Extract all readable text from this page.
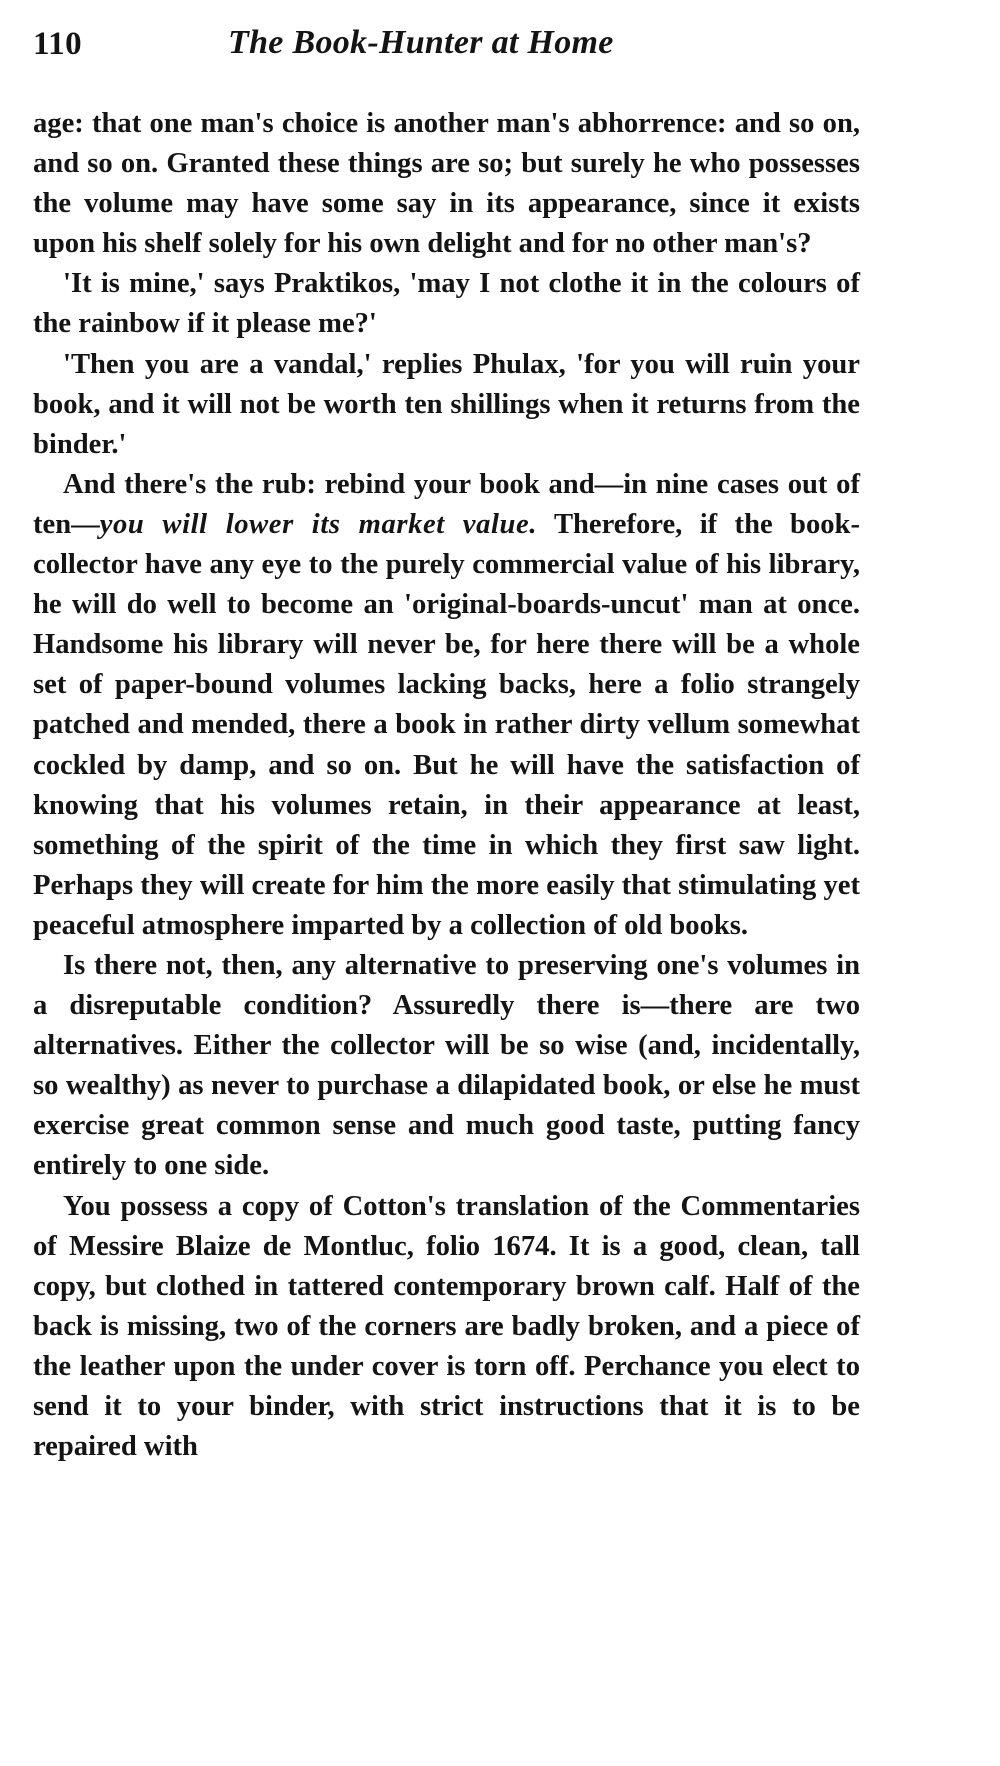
110	The Book-Hunter at Home

age: that one man's choice is another man's abhorrence: and so on, and so on. Granted these things are so; but surely he who possesses the volume may have some say in its appearance, since it exists upon his shelf solely for his own delight and for no other man's?

'It is mine,' says Praktikos, 'may I not clothe it in the colours of the rainbow if it please me?'

'Then you are a vandal,' replies Phulax, 'for you will ruin your book, and it will not be worth ten shillings when it returns from the binder.'

And there's the rub: rebind your book and—in nine cases out of ten—you will lower its market value. Therefore, if the book-collector have any eye to the purely commercial value of his library, he will do well to become an 'original-boards-uncut' man at once. Handsome his library will never be, for here there will be a whole set of paper-bound volumes lacking backs, here a folio strangely patched and mended, there a book in rather dirty vellum somewhat cockled by damp, and so on. But he will have the satisfaction of knowing that his volumes retain, in their appearance at least, something of the spirit of the time in which they first saw light. Perhaps they will create for him the more easily that stimulating yet peaceful atmosphere imparted by a collection of old books.

Is there not, then, any alternative to preserving one's volumes in a disreputable condition? Assuredly there is—there are two alternatives. Either the collector will be so wise (and, incidentally, so wealthy) as never to purchase a dilapidated book, or else he must exercise great common sense and much good taste, putting fancy entirely to one side.

You possess a copy of Cotton's translation of the Commentaries of Messire Blaize de Montluc, folio 1674. It is a good, clean, tall copy, but clothed in tattered contemporary brown calf. Half of the back is missing, two of the corners are badly broken, and a piece of the leather upon the under cover is torn off. Perchance you elect to send it to your binder, with strict instructions that it is to be repaired with
